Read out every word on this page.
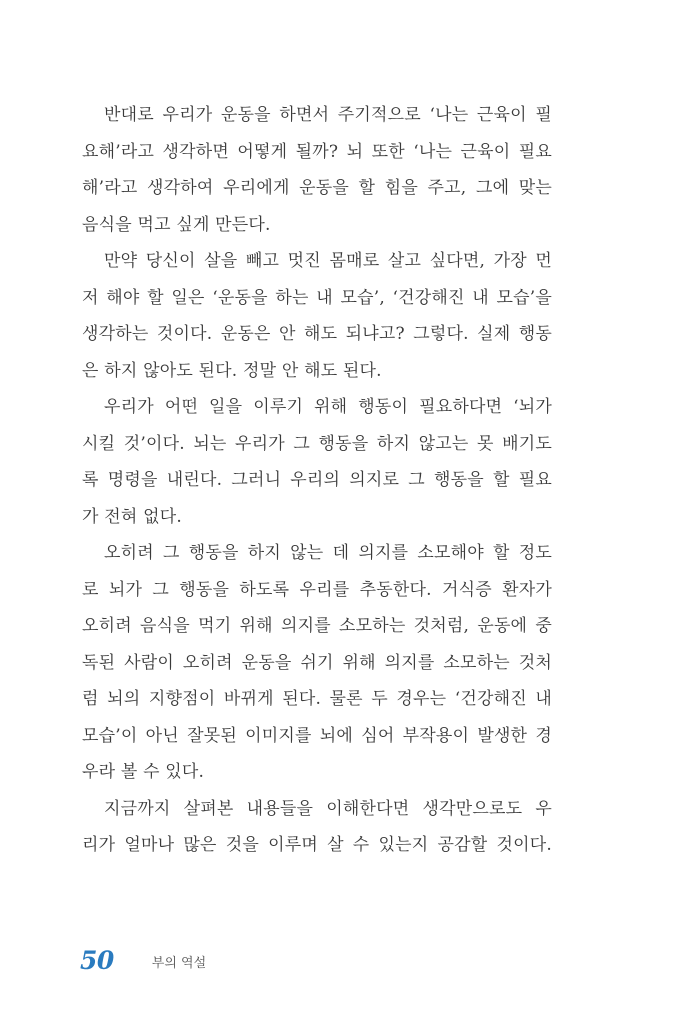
반대로 우리가 운동을 하면서 주기적으로 ‘나는 근육이 필
요해’라고 생각하면 어떻게 될까? 뇌 또한 ‘나는 근육이 필요
해’라고 생각하여 우리에게 운동을 할 힘을 주고, 그에 맞는
음식을 먹고 싶게 만든다.
만약 당신이 살을 빼고 멋진 몸매로 살고 싶다면, 가장 먼
저 해야 할 일은 ‘운동을 하는 내 모습’, ‘건강해진 내 모습’을
생각하는 것이다. 운동은 안 해도 되냐고? 그렇다. 실제 행동
은 하지 않아도 된다. 정말 안 해도 된다.
우리가 어떤 일을 이루기 위해 행동이 필요하다면 ‘뇌가
시킬 것’이다. 뇌는 우리가 그 행동을 하지 않고는 못 배기도
록 명령을 내린다. 그러니 우리의 의지로 그 행동을 할 필요
가 전혀 없다.
오히려 그 행동을 하지 않는 데 의지를 소모해야 할 정도
로 뇌가 그 행동을 하도록 우리를 추동한다. 거식증 환자가
오히려 음식을 먹기 위해 의지를 소모하는 것처럼, 운동에 중
독된 사람이 오히려 운동을 쉬기 위해 의지를 소모하는 것처
럼 뇌의 지향점이 바뀌게 된다. 물론 두 경우는 ‘건강해진 내
모습’이 아닌 잘못된 이미지를 뇌에 심어 부작용이 발생한 경
우라 볼 수 있다.
지금까지 살펴본 내용들을 이해한다면 생각만으로도 우
리가 얼마나 많은 것을 이루며 살 수 있는지 공감할 것이다.
50	부의 역설
